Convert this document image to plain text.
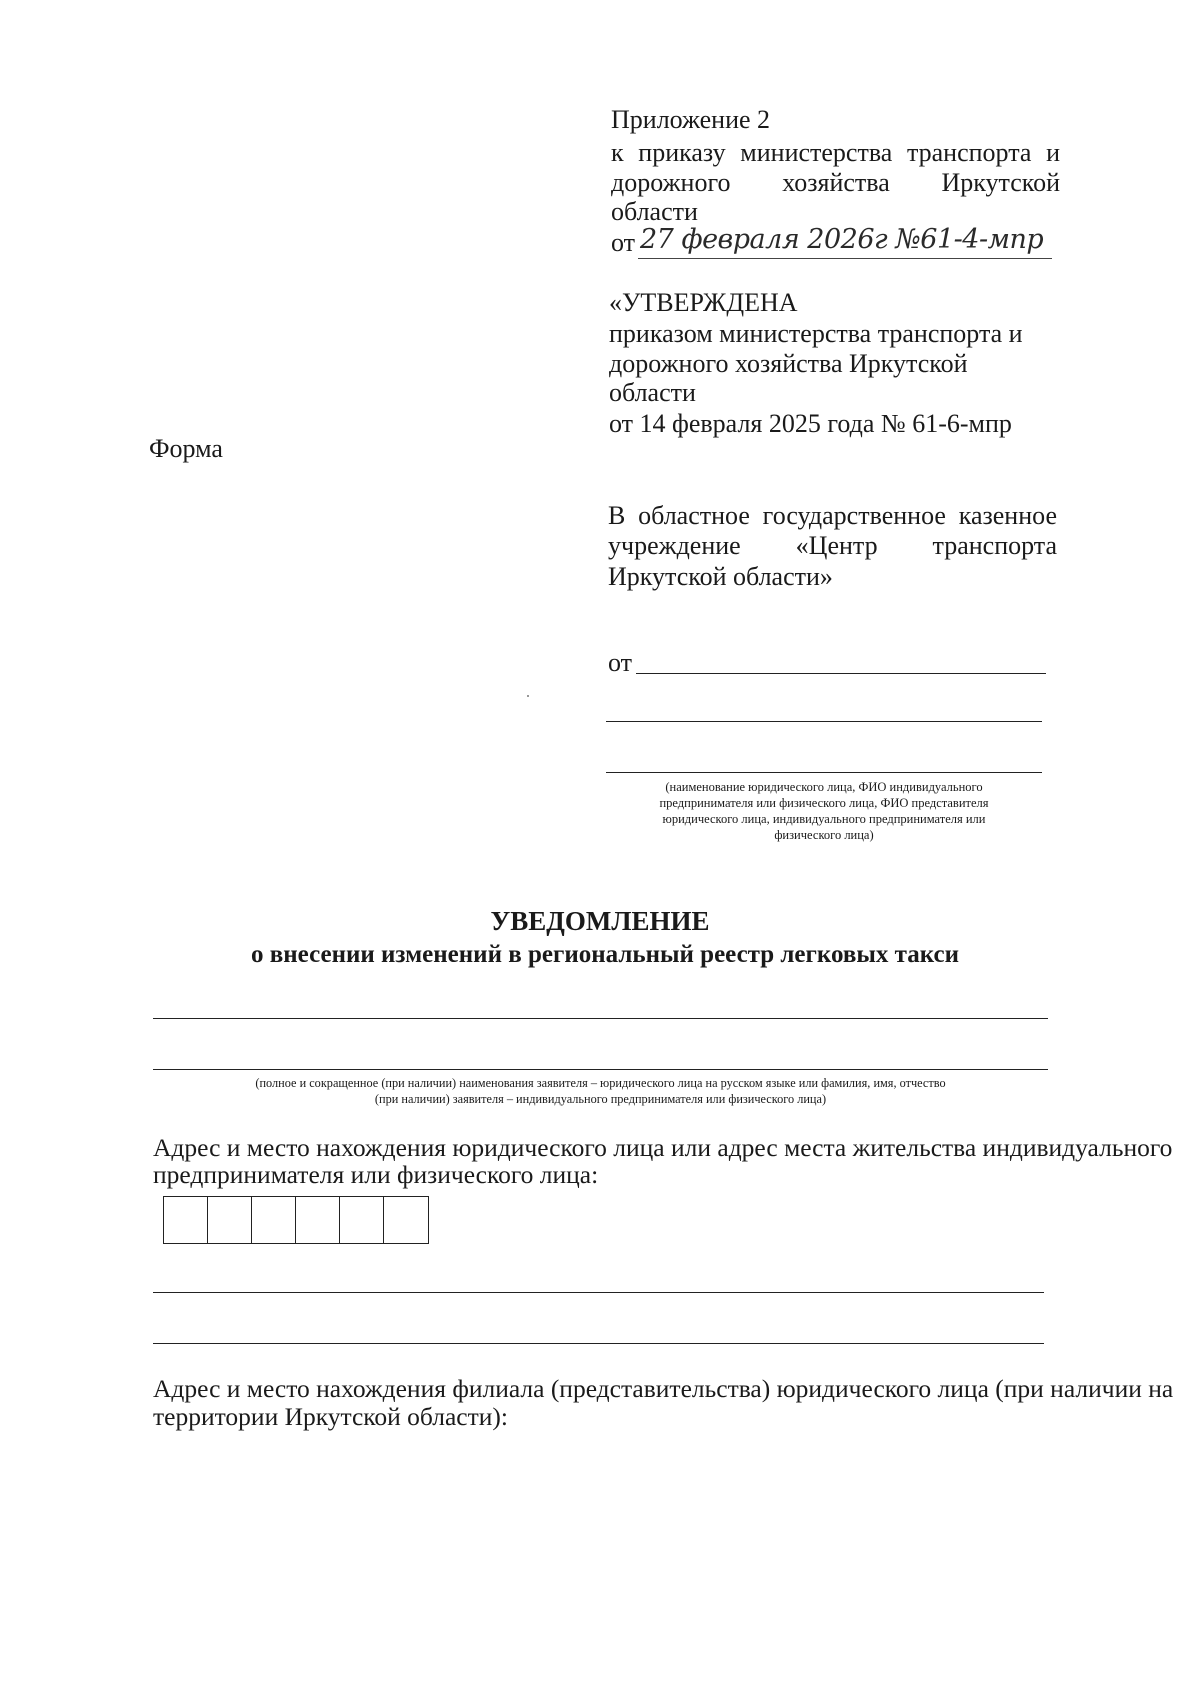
Приложение 2
к приказу министерства транспорта и
дорожного хозяйства Иркутской
области
от 27 февраля 2026г №61-4-мпр
«УТВЕРЖДЕНА
приказом министерства транспорта и
дорожного хозяйства Иркутской
области
от 14 февраля 2025 года № 61-6-мпр
Форма
В областное государственное казенное
учреждение «Центр транспорта
Иркутской области»
от
(наименование юридического лица, ФИО индивидуального
предпринимателя или физического лица, ФИО представителя
юридического лица, индивидуального предпринимателя или
физического лица)
УВЕДОМЛЕНИЕ
о внесении изменений в региональный реестр легковых такси
(полное и сокращенное (при наличии) наименования заявителя – юридического лица на русском языке или фамилия, имя, отчество
(при наличии) заявителя – индивидуального предпринимателя или физического лица)
Адрес и место нахождения юридического лица или адрес места жительства индивидуального
предпринимателя или физического лица:
Адрес и место нахождения филиала (представительства) юридического лица (при наличии на
территории Иркутской области):
